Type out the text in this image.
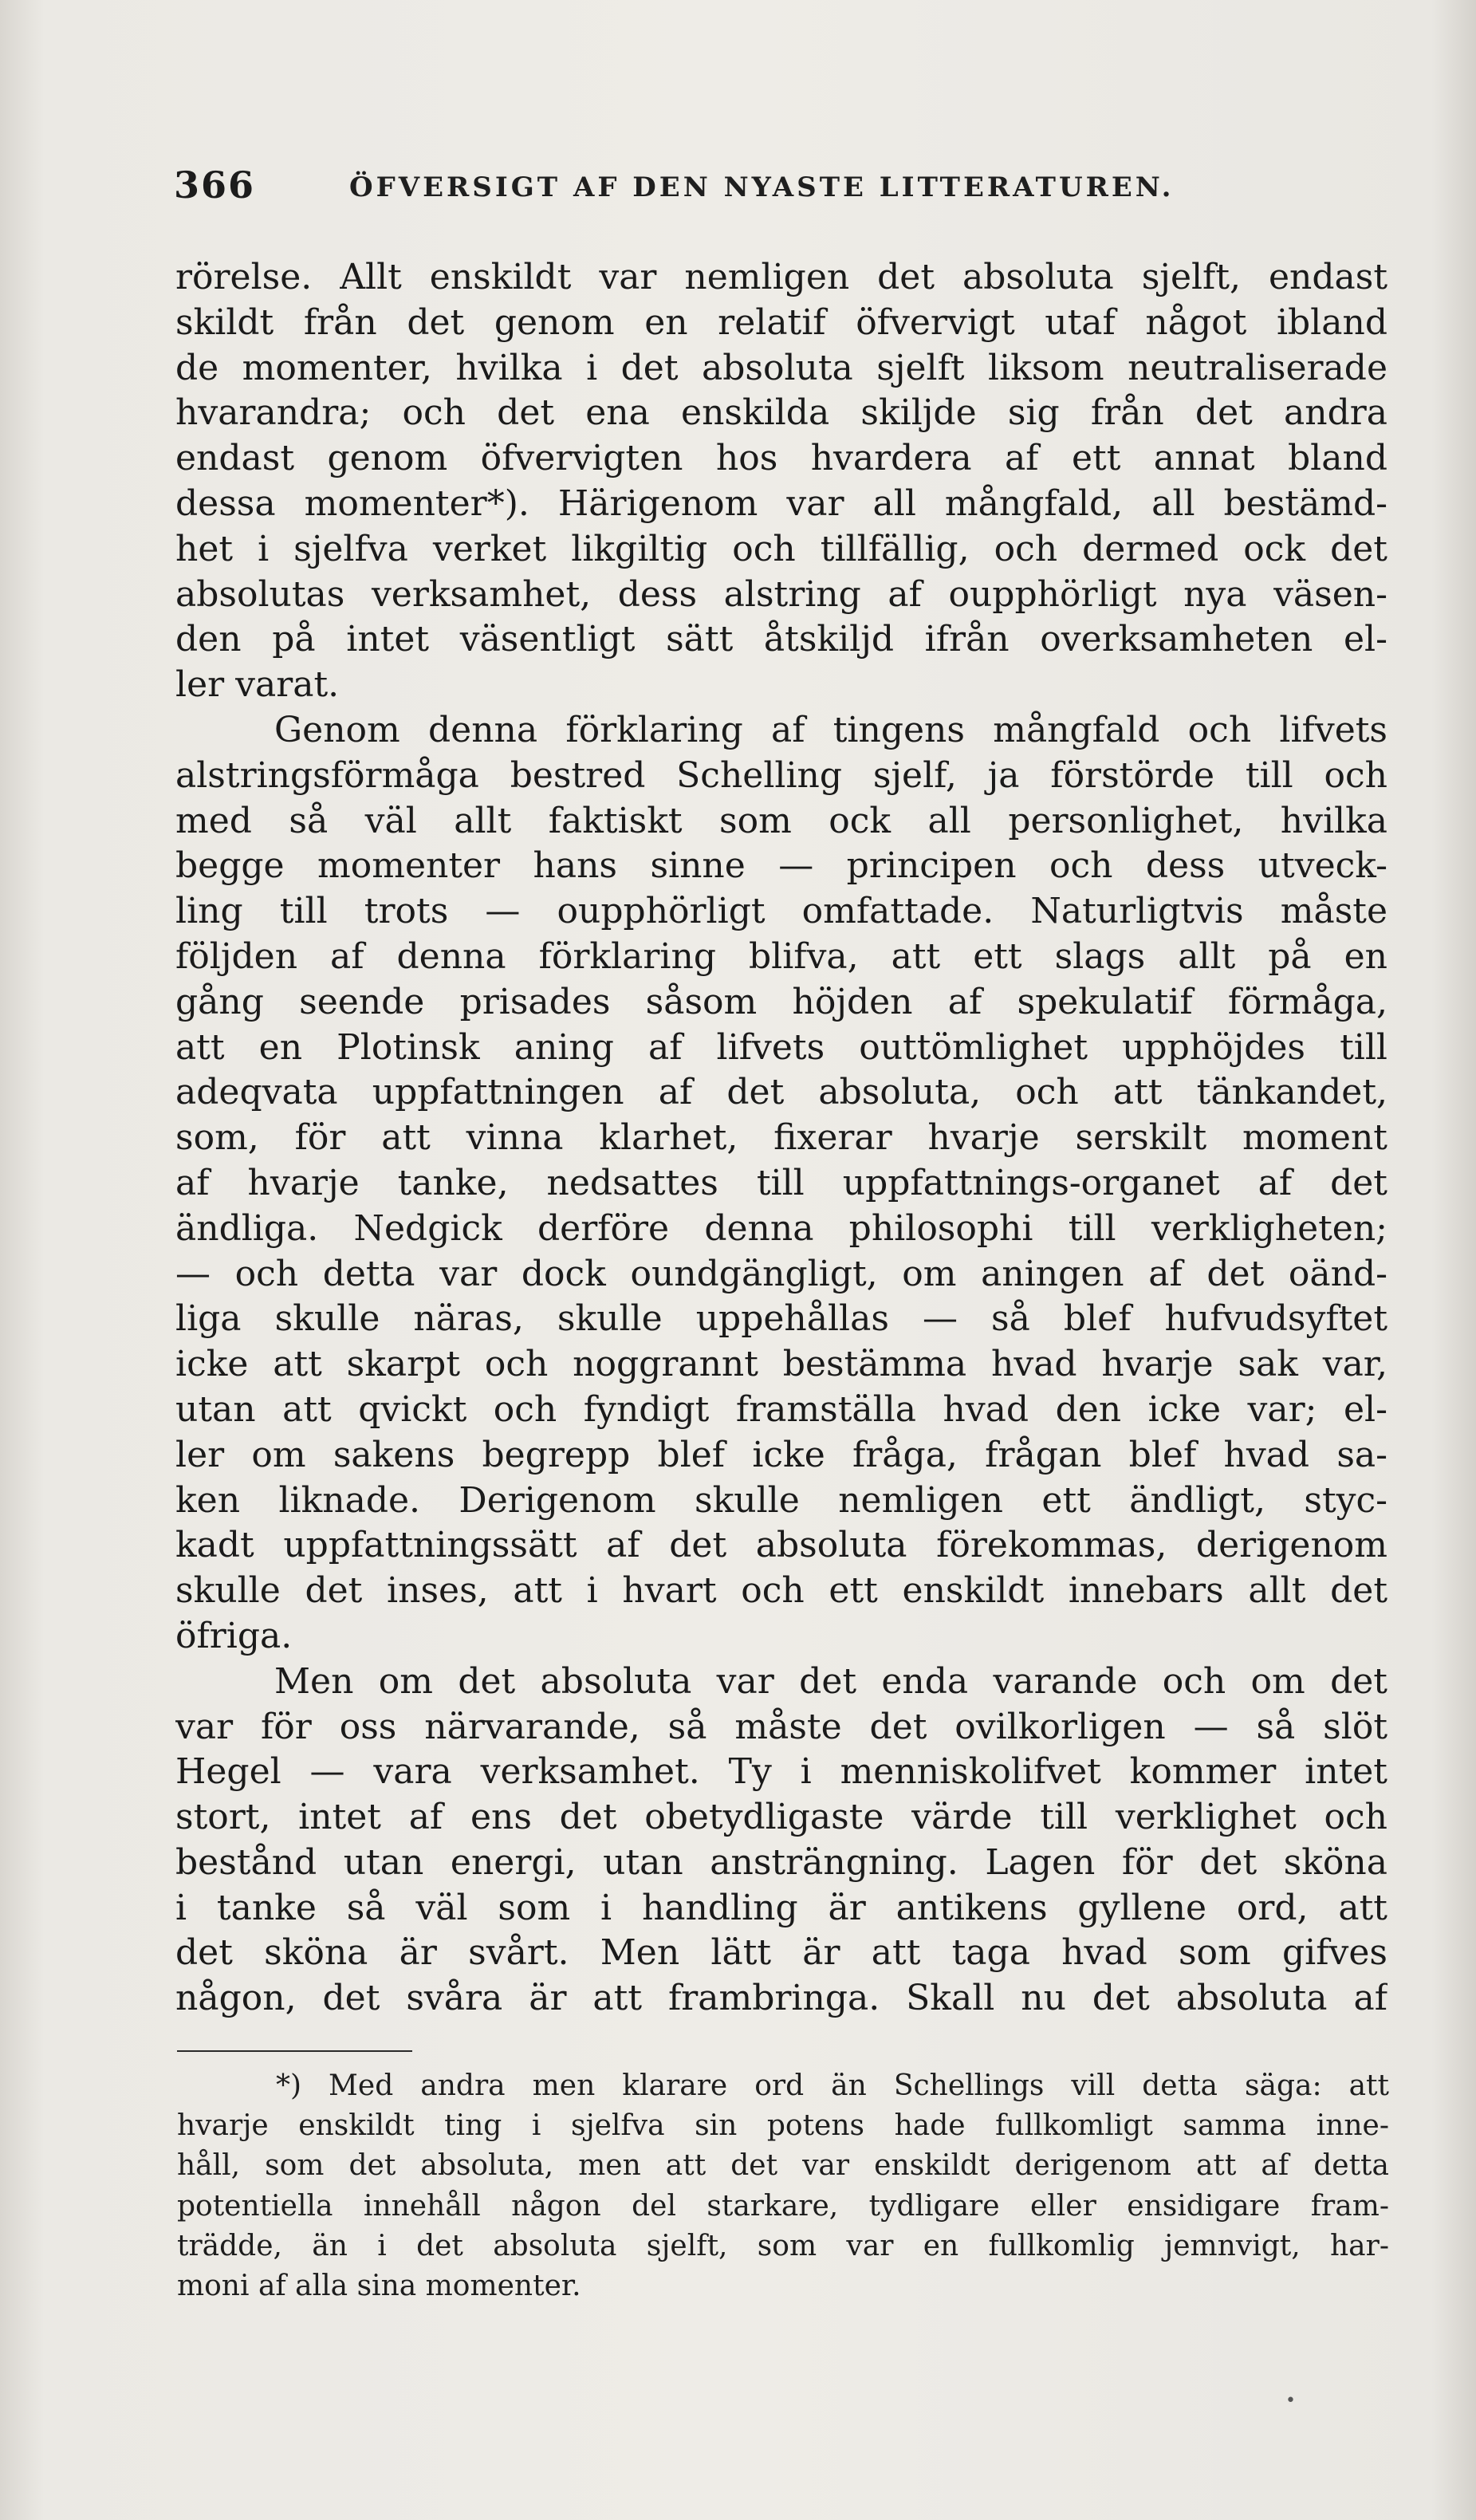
366	ÖFVERSIGT AF DEN NYASTE LITTERATUREN.
rörelse. Allt enskildt var nemligen det absoluta sjelft, endast
skildt från det genom en relatif öfvervigt utaf något ibland
de momenter, hvilka i det absoluta sjelft liksom neutraliserade
hvarandra; och det ena enskilda skiljde sig från det andra
endast genom öfvervigten hos hvardera af ett annat bland
dessa momenter*). Härigenom var all mångfald, all bestämd-
het i sjelfva verket likgiltig och tillfällig, och dermed ock det
absolutas verksamhet, dess alstring af oupphörligt nya väsen-
den på intet väsentligt sätt åtskiljd ifrån overksamheten el-
ler varat.
Genom denna förklaring af tingens mångfald och lifvets
alstringsförmåga bestred Schelling sjelf, ja förstörde till och
med så väl allt faktiskt som ock all personlighet, hvilka
begge momenter hans sinne — principen och dess utveck-
ling till trots — oupphörligt omfattade. Naturligtvis måste
följden af denna förklaring blifva, att ett slags allt på en
gång seende prisades såsom höjden af spekulatif förmåga,
att en Plotinsk aning af lifvets outtömlighet upphöjdes till
adeqvata uppfattningen af det absoluta, och att tänkandet,
som, för att vinna klarhet, fixerar hvarje serskilt moment
af hvarje tanke, nedsattes till uppfattnings-organet af det
ändliga. Nedgick derföre denna philosophi till verkligheten;
— och detta var dock oundgängligt, om aningen af det oänd-
liga skulle näras, skulle uppehållas — så blef hufvudsyftet
icke att skarpt och noggrannt bestämma hvad hvarje sak var,
utan att qvickt och fyndigt framställa hvad den icke var; el-
ler om sakens begrepp blef icke fråga, frågan blef hvad sa-
ken liknade. Derigenom skulle nemligen ett ändligt, styc-
kadt uppfattningssätt af det absoluta förekommas, derigenom
skulle det inses, att i hvart och ett enskildt innebars allt det
öfriga.
Men om det absoluta var det enda varande och om det
var för oss närvarande, så måste det ovilkorligen — så slöt
Hegel — vara verksamhet. Ty i menniskolifvet kommer intet
stort, intet af ens det obetydligaste värde till verklighet och
bestånd utan energi, utan ansträngning. Lagen för det sköna
i tanke så väl som i handling är antikens gyllene ord, att
det sköna är svårt. Men lätt är att taga hvad som gifves
någon, det svåra är att frambringa. Skall nu det absoluta af
*) Med andra men klarare ord än Schellings vill detta säga: att
hvarje enskildt ting i sjelfva sin potens hade fullkomligt samma inne-
håll, som det absoluta, men att det var enskildt derigenom att af detta
potentiella innehåll någon del starkare, tydligare eller ensidigare fram-
trädde, än i det absoluta sjelft, som var en fullkomlig jemnvigt, har-
moni af alla sina momenter.
•
